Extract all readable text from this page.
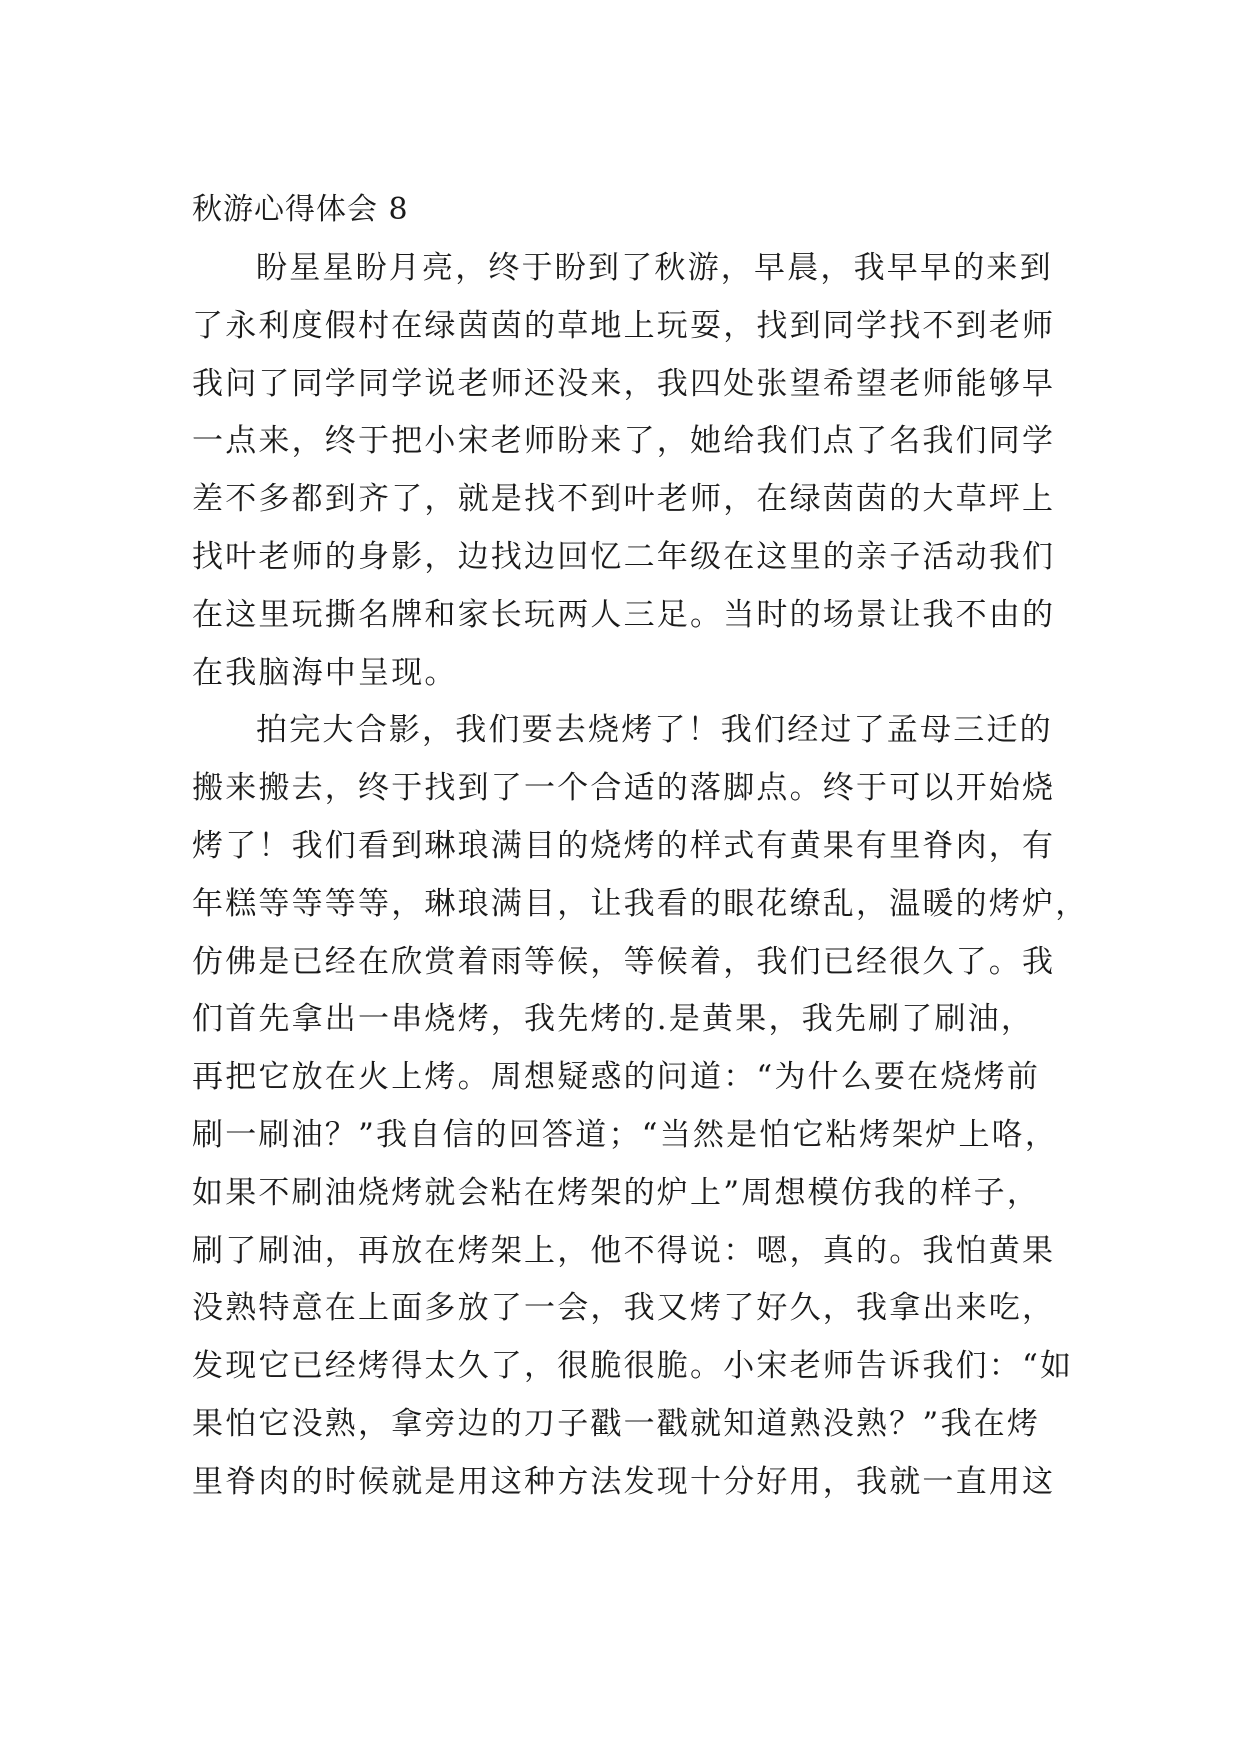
秋游心得体会 8
盼星星盼月亮，终于盼到了秋游，早晨，我早早的来到
了永利度假村在绿茵茵的草地上玩耍，找到同学找不到老师
我问了同学同学说老师还没来，我四处张望希望老师能够早
一点来，终于把小宋老师盼来了，她给我们点了名我们同学
差不多都到齐了，就是找不到叶老师，在绿茵茵的大草坪上
找叶老师的身影，边找边回忆二年级在这里的亲子活动我们
在这里玩撕名牌和家长玩两人三足。当时的场景让我不由的
在我脑海中呈现。
拍完大合影，我们要去烧烤了！我们经过了孟母三迁的
搬来搬去，终于找到了一个合适的落脚点。终于可以开始烧
烤了！我们看到琳琅满目的烧烤的样式有黄果有里脊肉，有
年糕等等等等，琳琅满目，让我看的眼花缭乱，温暖的烤炉，
仿佛是已经在欣赏着雨等候，等候着，我们已经很久了。我
们首先拿出一串烧烤，我先烤的.是黄果，我先刷了刷油，
再把它放在火上烤。周想疑惑的问道：“为什么要在烧烤前
刷一刷油？”我自信的回答道；“当然是怕它粘烤架炉上咯，
如果不刷油烧烤就会粘在烤架的炉上”周想模仿我的样子，
刷了刷油，再放在烤架上，他不得说：嗯，真的。我怕黄果
没熟特意在上面多放了一会，我又烤了好久，我拿出来吃，
发现它已经烤得太久了，很脆很脆。小宋老师告诉我们：“如
果怕它没熟，拿旁边的刀子戳一戳就知道熟没熟？”我在烤
里脊肉的时候就是用这种方法发现十分好用，我就一直用这
